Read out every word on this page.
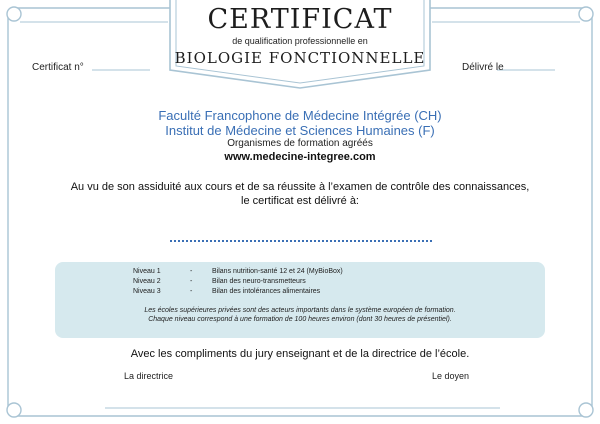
CERTIFICAT
de qualification professionnelle en
BIOLOGIE FONCTIONNELLE
Certificat n°	Délivré le
Faculté Francophone de Médecine Intégrée (CH)
Institut de Médecine et Sciences Humaines (F)
Organismes de formation agréés
www.medecine-integree.com
Au vu de son assiduité aux cours et de sa réussite à l’examen de contrôle des connaissances,
le certificat est délivré à:
Niveau 1	-	Bilans nutrition-santé 12 et 24 (MyBioBox)
Niveau 2	-	Bilan des neuro-transmetteurs
Niveau 3	-	Bilan des intolérances alimentaires
Les écoles supérieures privées sont des acteurs importants dans le système européen de formation.
Chaque niveau correspond à une formation de 100 heures environ (dont 30 heures de présentiel).
Avec les compliments du jury enseignant et de la directrice de l’école.
La directrice	Le doyen
